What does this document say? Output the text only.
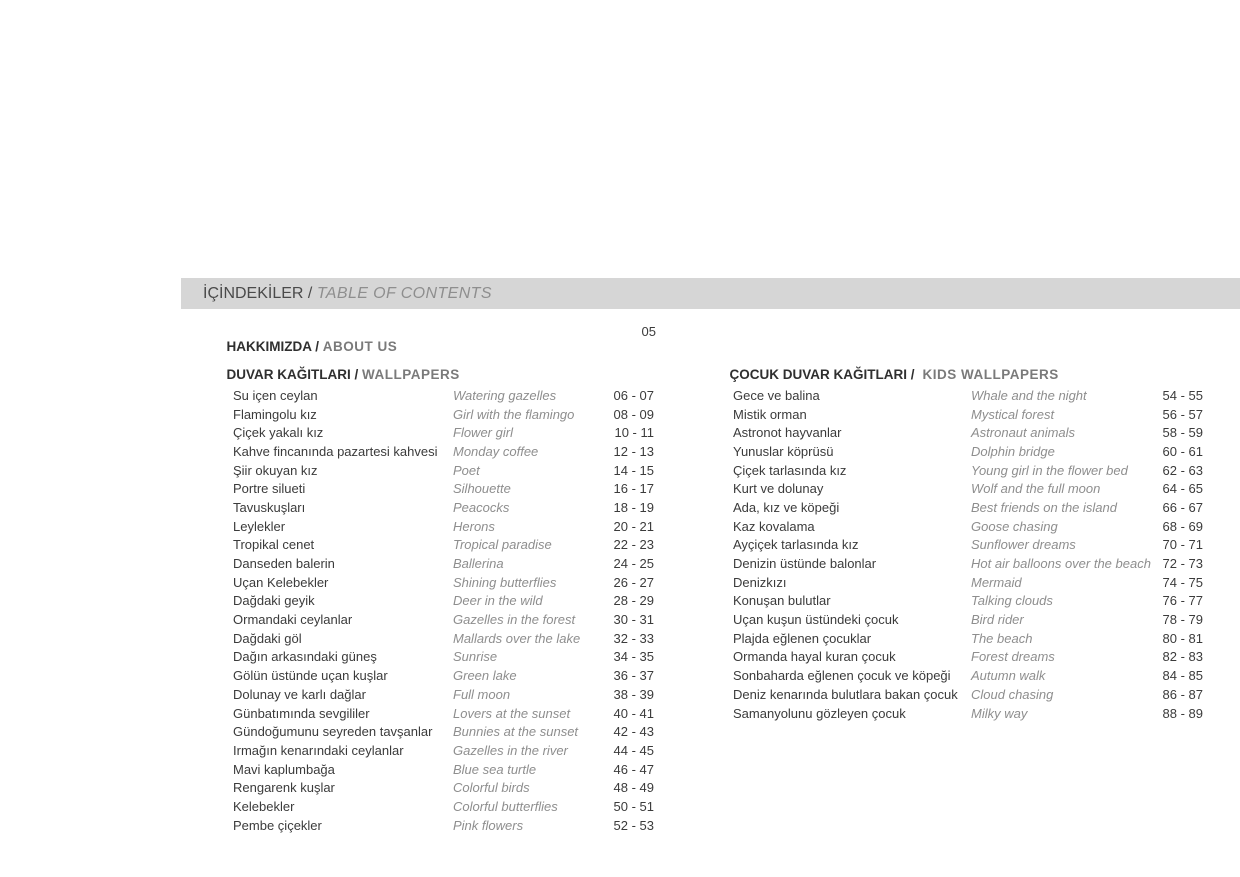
İÇİNDEKİLER / TABLE OF CONTENTS

HAKKIMIZDA / ABOUT US

05

DUVAR KAĞITLARI / WALLPAPERS

Su içen ceylan	Watering gazelles	06 - 07
Flamingolu kız	Girl with the flamingo	08 - 09
Çiçek yakalı kız	Flower girl	10 - 11
Kahve fincanında pazartesi kahvesi	Monday coffee	12 - 13
Şiir okuyan kız	Poet	14 - 15
Portre silueti	Silhouette	16 - 17
Tavuskuşları	Peacocks	18 - 19
Leylekler	Herons	20 - 21
Tropikal cenet	Tropical paradise	22 - 23
Danseden balerin	Ballerina	24 - 25
Uçan Kelebekler	Shining butterflies	26 - 27
Dağdaki geyik	Deer in the wild	28 - 29
Ormandaki ceylanlar	Gazelles in the forest	30 - 31
Dağdaki göl	Mallards over the lake	32 - 33
Dağın arkasındaki güneş	Sunrise	34 - 35
Gölün üstünde uçan kuşlar	Green lake	36 - 37
Dolunay ve karlı dağlar	Full moon	38 - 39
Günbatımında sevgililer	Lovers at the sunset	40 - 41
Gündoğumunu seyreden tavşanlar	Bunnies at the sunset	42 - 43
Irmağın kenarındaki ceylanlar	Gazelles in the river	44 - 45
Mavi kaplumbağa	Blue sea turtle	46 - 47
Rengarenk kuşlar	Colorful birds	48 - 49
Kelebekler	Colorful butterflies	50 - 51
Pembe çiçekler	Pink flowers	52 - 53

ÇOCUK DUVAR KAĞITLARI /  KIDS WALLPAPERS

Gece ve balina	Whale and the night	54 - 55
Mistik orman	Mystical forest	56 - 57
Astronot hayvanlar	Astronaut animals	58 - 59
Yunuslar köprüsü	Dolphin bridge	60 - 61
Çiçek tarlasında kız	Young girl in the flower bed	62 - 63
Kurt ve dolunay	Wolf and the full moon	64 - 65
Ada, kız ve köpeği	Best friends on the island	66 - 67
Kaz kovalama	Goose chasing	68 - 69
Ayçiçek tarlasında kız	Sunflower dreams	70 - 71
Denizin üstünde balonlar	Hot air balloons over the beach 72 - 73
Denizkızı	Mermaid	74 - 75
Konuşan bulutlar	Talking clouds	76 - 77
Uçan kuşun üstündeki çocuk	Bird rider	78 - 79
Plajda eğlenen çocuklar	The beach	80 - 81
Ormanda hayal kuran çocuk	Forest dreams	82 - 83
Sonbaharda eğlenen çocuk ve köpeği	Autumn walk	84 - 85
Deniz kenarında bulutlara bakan çocuk	Cloud chasing	86 - 87
Samanyolunu gözleyen çocuk	Milky way	88 - 89
